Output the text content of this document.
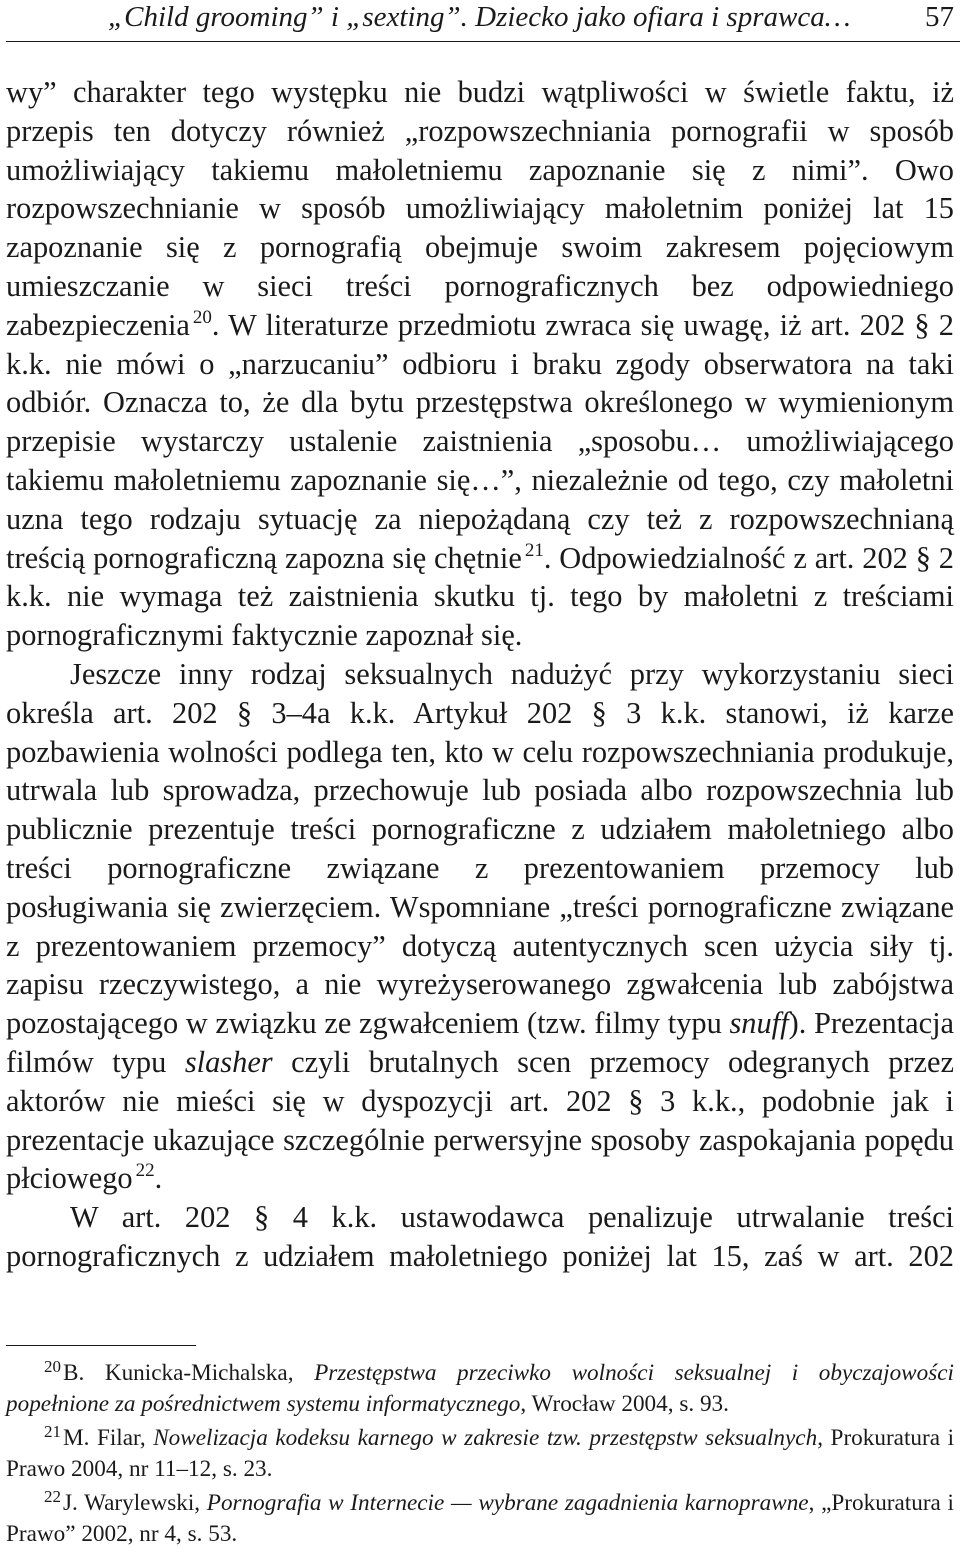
„Child grooming” i „sexting”. Dziecko jako ofiara i sprawca…	57

wy” charakter tego występku nie budzi wątpliwości w świetle faktu, iż przepis ten dotyczy również „rozpowszechniania pornografii w sposób umożliwiający takiemu małoletniemu zapoznanie się z nimi”. Owo rozpowszechnianie w sposób umożliwiający małoletnim poniżej lat 15 zapoznanie się z pornografią obejmuje swoim zakresem pojęciowym umieszczanie w sieci treści pornograficznych bez odpowiedniego zabezpieczenia $^{20}$. W literaturze przedmiotu zwraca się uwagę, iż art. 202 § 2 k.k. nie mówi o „narzucaniu” odbioru i braku zgody obserwatora na taki odbiór. Oznacza to, że dla bytu przestępstwa określonego w wymienionym przepisie wystarczy ustalenie zaistnienia „sposobu… umożliwiającego takiemu małoletniemu zapoznanie się…”, niezależnie od tego, czy małoletni uzna tego rodzaju sytuację za niepożądaną czy też z rozpowszechnianą treścią pornograficzną zapozna się chętnie $^{21}$. Odpowiedzialność z art. 202 § 2 k.k. nie wymaga też zaistnienia skutku tj. tego by małoletni z treściami pornograficznymi faktycznie zapoznał się.

Jeszcze inny rodzaj seksualnych nadużyć przy wykorzystaniu sieci określa art. 202 § 3–4a k.k. Artykuł 202 § 3 k.k. stanowi, iż karze pozbawienia wolności podlega ten, kto w celu rozpowszechniania produkuje, utrwala lub sprowadza, przechowuje lub posiada albo rozpowszechnia lub publicznie prezentuje treści pornograficzne z udziałem małoletniego albo treści pornograficzne związane z prezentowaniem przemocy lub posługiwania się zwierzęciem. Wspomniane „treści pornograficzne związane z prezentowaniem przemocy” dotyczą autentycznych scen użycia siły tj. zapisu rzeczywistego, a nie wyreżyserowanego zgwałcenia lub zabójstwa pozostającego w związku ze zgwałceniem (tzw. filmy typu snuff). Prezentacja filmów typu slasher czyli brutalnych scen przemocy odegranych przez aktorów nie mieści się w dyspozycji art. 202 § 3 k.k., podobnie jak i prezentacje ukazujące szczególnie perwersyjne sposoby zaspokajania popędu płciowego $^{22}$.

W art. 202 § 4 k.k. ustawodawca penalizuje utrwalanie treści pornograficznych z udziałem małoletniego poniżej lat 15, zaś w art. 202

$^{20}$B. Kunicka-Michalska, Przestępstwa przeciwko wolności seksualnej i obyczajowości popełnione za pośrednictwem systemu informatycznego, Wrocław 2004, s. 93.

$^{21}$M. Filar, Nowelizacja kodeksu karnego w zakresie tzw. przestępstw seksualnych, Prokuratura i Prawo 2004, nr 11–12, s. 23.

$^{22}$J. Warylewski, Pornografia w Internecie — wybrane zagadnienia karnoprawne, „Prokuratura i Prawo” 2002, nr 4, s. 53.
